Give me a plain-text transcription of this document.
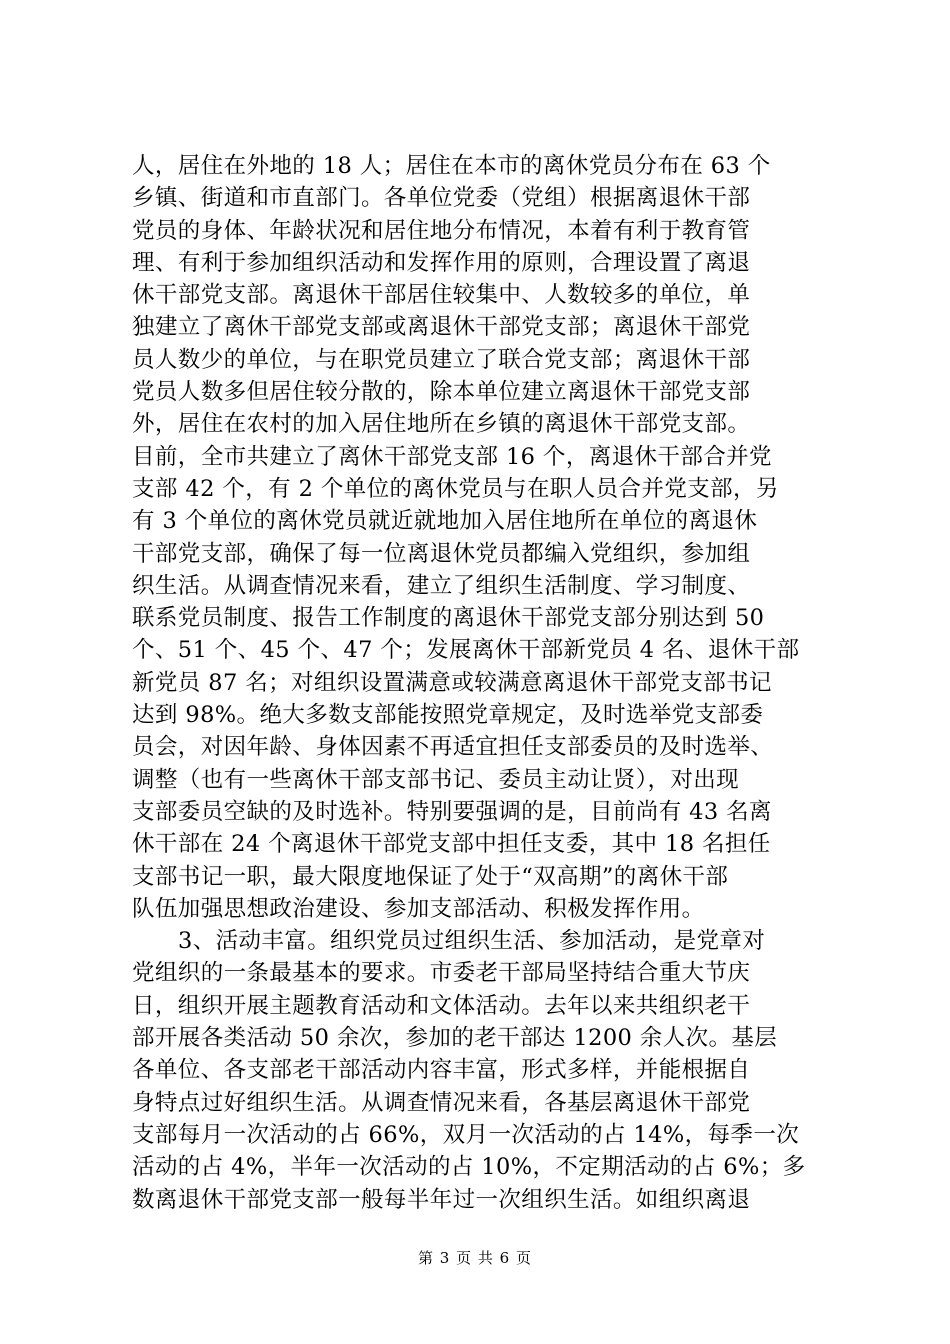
人，居住在外地的 18 人；居住在本市的离休党员分布在 63 个
乡镇、街道和市直部门。各单位党委（党组）根据离退休干部
党员的身体、年龄状况和居住地分布情况，本着有利于教育管
理、有利于参加组织活动和发挥作用的原则，合理设置了离退
休干部党支部。离退休干部居住较集中、人数较多的单位，单
独建立了离休干部党支部或离退休干部党支部；离退休干部党
员人数少的单位，与在职党员建立了联合党支部；离退休干部
党员人数多但居住较分散的，除本单位建立离退休干部党支部
外，居住在农村的加入居住地所在乡镇的离退休干部党支部。
目前，全市共建立了离休干部党支部 16 个，离退休干部合并党
支部 42 个，有 2 个单位的离休党员与在职人员合并党支部，另
有 3 个单位的离休党员就近就地加入居住地所在单位的离退休
干部党支部，确保了每一位离退休党员都编入党组织，参加组
织生活。从调查情况来看，建立了组织生活制度、学习制度、
联系党员制度、报告工作制度的离退休干部党支部分别达到 50
个、51 个、45 个、47 个；发展离休干部新党员 4 名、退休干部
新党员 87 名；对组织设置满意或较满意离退休干部党支部书记
达到 98%。绝大多数支部能按照党章规定，及时选举党支部委
员会，对因年龄、身体因素不再适宜担任支部委员的及时选举、
调整（也有一些离休干部支部书记、委员主动让贤），对出现
支部委员空缺的及时选补。特别要强调的是，目前尚有 43 名离
休干部在 24 个离退休干部党支部中担任支委，其中 18 名担任
支部书记一职，最大限度地保证了处于“双高期”的离休干部
队伍加强思想政治建设、参加支部活动、积极发挥作用。

3、活动丰富。组织党员过组织生活、参加活动，是党章对
党组织的一条最基本的要求。市委老干部局坚持结合重大节庆
日，组织开展主题教育活动和文体活动。去年以来共组织老干
部开展各类活动 50 余次，参加的老干部达 1200 余人次。基层
各单位、各支部老干部活动内容丰富，形式多样，并能根据自
身特点过好组织生活。从调查情况来看，各基层离退休干部党
支部每月一次活动的占 66%，双月一次活动的占 14%，每季一次
活动的占 4%，半年一次活动的占 10%，不定期活动的占 6%；多
数离退休干部党支部一般每半年过一次组织生活。如组织离退

第 3 页 共 6 页
